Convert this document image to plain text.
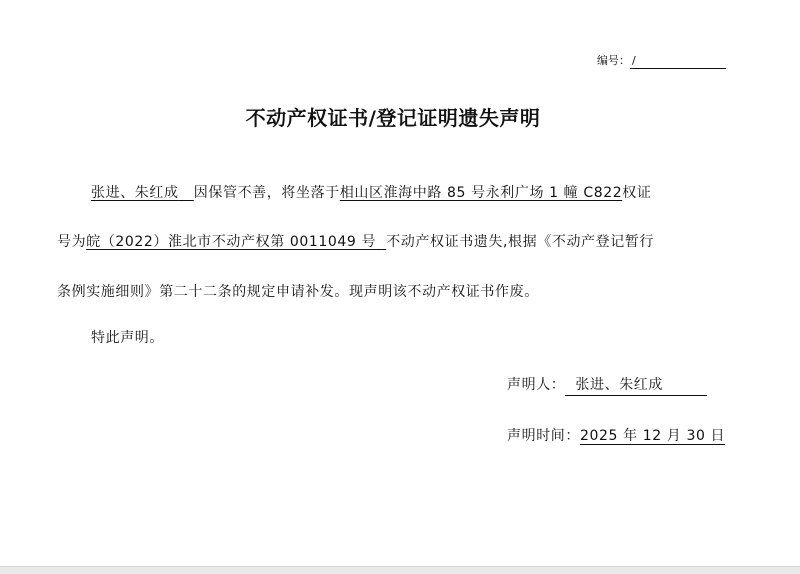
编号： /
不动产权证书/登记证明遗失声明
张进、朱红成 因保管不善，将坐落于相山区淮海中路 85 号永利广场 1 幢 C822权证
号为皖（2022）淮北市不动产权第 0011049 号 不动产权证书遗失,根据《不动产登记暂行
条例实施细则》第二十二条的规定申请补发。现声明该不动产权证书作废。
特此声明。
声明人： 张进、朱红成
声明时间：2025 年 12 月 30 日
